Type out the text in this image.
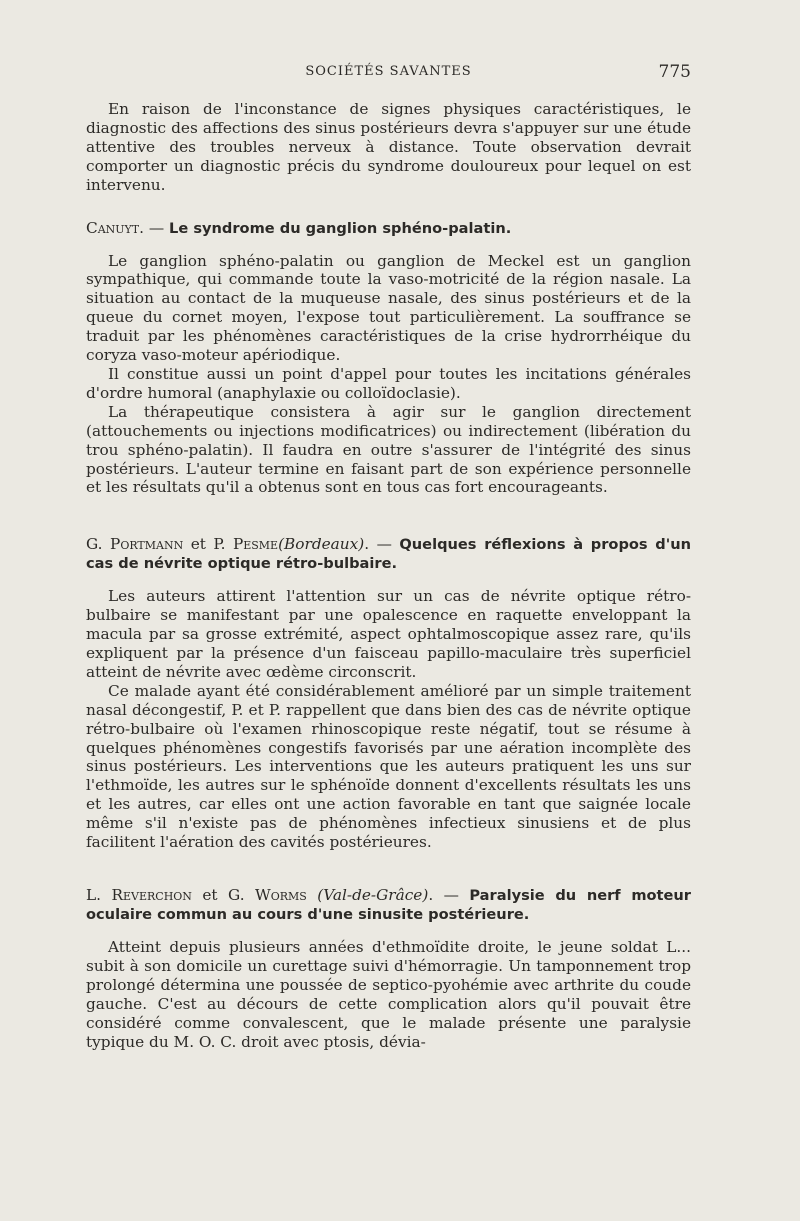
SOCIÉTÉS SAVANTES	775

En raison de l'inconstance de signes physiques caractéristiques, le diagnostic des affections des sinus postérieurs devra s'appuyer sur une étude attentive des troubles nerveux à distance. Toute observation devrait comporter un diagnostic précis du syndrome douloureux pour lequel on est intervenu.

Canuyt. — Le syndrome du ganglion sphéno-palatin.

Le ganglion sphéno-palatin ou ganglion de Meckel est un ganglion sympathique, qui commande toute la vaso-motricité de la région nasale. La situation au contact de la muqueuse nasale, des sinus postérieurs et de la queue du cornet moyen, l'expose tout particulièrement. La souffrance se traduit par les phénomènes caractéristiques de la crise hydrorrhéique du coryza vaso-moteur apériodique.

Il constitue aussi un point d'appel pour toutes les incitations générales d'ordre humoral (anaphylaxie ou colloïdoclasie).

La thérapeutique consistera à agir sur le ganglion directement (attouchements ou injections modificatrices) ou indirectement (libération du trou sphéno-palatin). Il faudra en outre s'assurer de l'intégrité des sinus postérieurs. L'auteur termine en faisant part de son expérience personnelle et les résultats qu'il a obtenus sont en tous cas fort encourageants.

G. Portmann et P. Pesme(Bordeaux). — Quelques réflexions à propos d'un cas de névrite optique rétro-bulbaire.

Les auteurs attirent l'attention sur un cas de névrite optique rétro-bulbaire se manifestant par une opalescence en raquette enveloppant la macula par sa grosse extrémité, aspect ophtalmoscopique assez rare, qu'ils expliquent par la présence d'un faisceau papillo-maculaire très superficiel atteint de névrite avec œdème circonscrit.

Ce malade ayant été considérablement amélioré par un simple traitement nasal décongestif, P. et P. rappellent que dans bien des cas de névrite optique rétro-bulbaire où l'examen rhinoscopique reste négatif, tout se résume à quelques phénomènes congestifs favorisés par une aération incomplète des sinus postérieurs. Les interventions que les auteurs pratiquent les uns sur l'ethmoïde, les autres sur le sphénoïde donnent d'excellents résultats les uns et les autres, car elles ont une action favorable en tant que saignée locale même s'il n'existe pas de phénomènes infectieux sinusiens et de plus facilitent l'aération des cavités postérieures.

L. Reverchon et G. Worms (Val-de-Grâce). — Paralysie du nerf moteur oculaire commun au cours d'une sinusite postérieure.

Atteint depuis plusieurs années d'ethmoïdite droite, le jeune soldat L... subit à son domicile un curettage suivi d'hémorragie. Un tamponnement trop prolongé détermina une poussée de septico-pyohémie avec arthrite du coude gauche. C'est au décours de cette complication alors qu'il pouvait être considéré comme convalescent, que le malade présente une paralysie typique du M. O. C. droit avec ptosis, dévia-
